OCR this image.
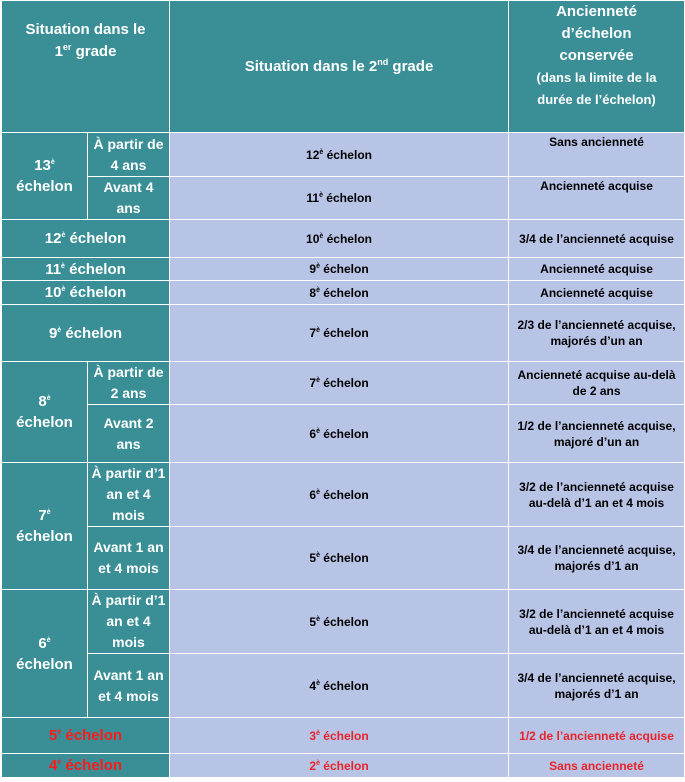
Situation dans le
1er grade		Situation dans le 2nd grade	Ancienneté
d’échelon
conservée
(dans la limite de la
durée de l’échelon)
$13^è$
échelon	À partir de 4 ans	$12^è$ échelon	Sans ancienneté
	Avant 4 ans	$11^è$ échelon	Ancienneté acquise
$12^è$ échelon		$10^è$ échelon	3/4 de l’ancienneté acquise
$11^è$ échelon		$9^è$ échelon	Ancienneté acquise
$10^è$ échelon		$8^è$ échelon	Ancienneté acquise
$9^è$ échelon		$7^è$ échelon	2/3 de l’ancienneté acquise, majorés d’un an
$8^è$
échelon	À partir de 2 ans	$7^è$ échelon	Ancienneté acquise au-delà de 2 ans
	Avant 2 ans	$6^è$ échelon	1/2 de l’ancienneté acquise, majoré d’un an
$7^è$
échelon	À partir d’1 an et 4 mois	$6^è$ échelon	3/2 de l’ancienneté acquise au-delà d’1 an et 4 mois
	Avant 1 an et 4 mois	$5^è$ échelon	3/4 de l’ancienneté acquise, majorés d’1 an
$6^è$
échelon	À partir d’1 an et 4 mois	$5^è$ échelon	3/2 de l’ancienneté acquise au-delà d’1 an et 4 mois
	Avant 1 an et 4 mois	$4^è$ échelon	3/4 de l’ancienneté acquise, majorés d’1 an
$5^è$ échelon		$3^è$ échelon	1/2 de l’ancienneté acquise
$4^è$ échelon		$2^è$ échelon	Sans ancienneté
